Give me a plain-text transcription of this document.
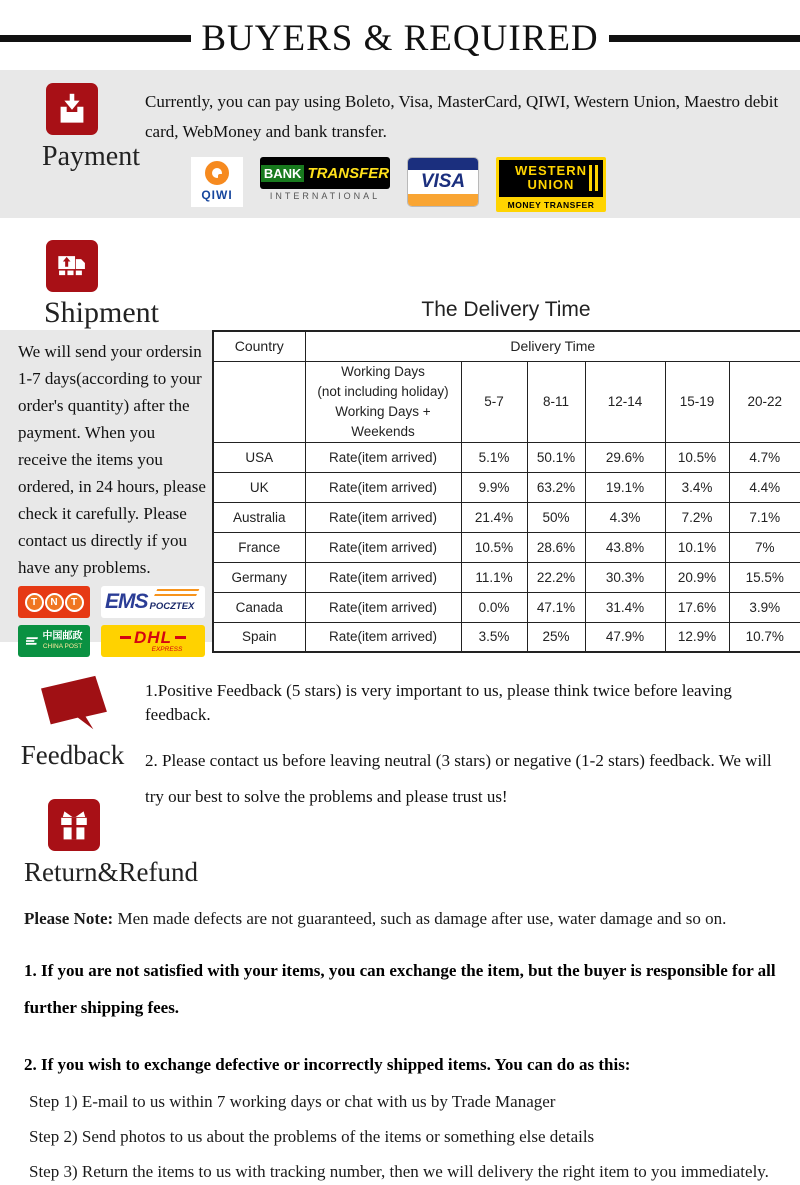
BUYERS & REQUIRED
Payment

Currently, you can pay using Boleto, Visa, MasterCard, QIWI, Western Union, Maestro debit card, WebMoney and bank transfer.

QIWI
BANK TRANSFER
INTERNATIONAL
VISA
WESTERN
UNION
MONEY TRANSFER
Shipment	The Delivery Time

We will send your ordersin 1-7 days(according to your order's quantity) after the payment. When you receive the items you ordered, in 24 hours, please check it carefully. Please contact us directly if you have any problems.

T	N	T	EMS POCZTEX
中国邮政
CHINA POST	DHL
EXPRESS
Country	Delivery Time					

	Working Days
(not including holiday)
Working Days + Weekends	5-7	8-11	12-14	15-19	20-22
USA	Rate(item arrived)	5.1%	50.1%	29.6%	10.5%	4.7%
UK	Rate(item arrived)	9.9%	63.2%	19.1%	3.4%	4.4%
Australia	Rate(item arrived)	21.4%	50%	4.3%	7.2%	7.1%
France	Rate(item arrived)	10.5%	28.6%	43.8%	10.1%	7%
Germany	Rate(item arrived)	11.1%	22.2%	30.3%	20.9%	15.5%
Canada	Rate(item arrived)	0.0%	47.1%	31.4%	17.6%	3.9%
Spain	Rate(item arrived)	3.5%	25%	47.9%	12.9%	10.7%
Feedback

1.Positive Feedback (5 stars) is very important to us, please think twice before leaving feedback.

2. Please contact us before leaving neutral (3 stars) or negative (1-2 stars) feedback. We will try our best to solve the problems and please trust us!

Return&Refund

Please Note: Men made defects are not guaranteed, such as damage after use, water damage and so on.

1. If you are not satisfied with your items, you can exchange the item, but the buyer is responsible for all further shipping fees.

2. If you wish to exchange defective or incorrectly shipped items. You can do as this:

Step 1) E-mail to us within 7 working days or chat with us by Trade Manager

Step 2) Send photos to us about the problems of the items or something else details

Step 3) Return the items to us with tracking number, then we will delivery the right item to you immediately.
